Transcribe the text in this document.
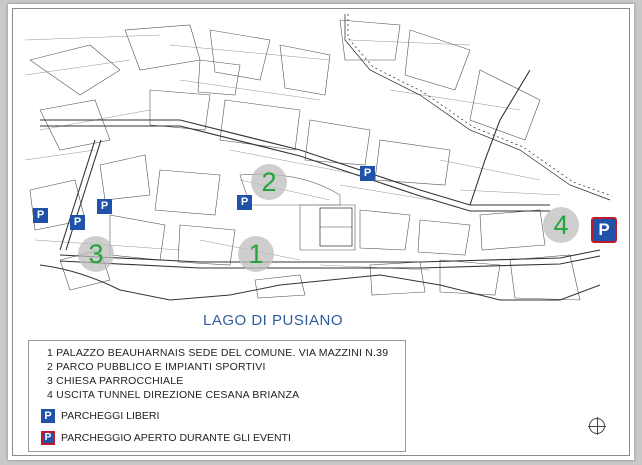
LAGO DI PUSIANO
2
1
3
4
P
P
P
P
P	P
1 PALAZZO BEAUHARNAIS SEDE DEL COMUNE. VIA MAZZINI N.39
2 PARCO PUBBLICO E IMPIANTI SPORTIVI
3 CHIESA PARROCCHIALE
4 USCITA TUNNEL DIREZIONE CESANA BRIANZA
P PARCHEGGI LIBERI
P PARCHEGGIO APERTO DURANTE GLI EVENTI
